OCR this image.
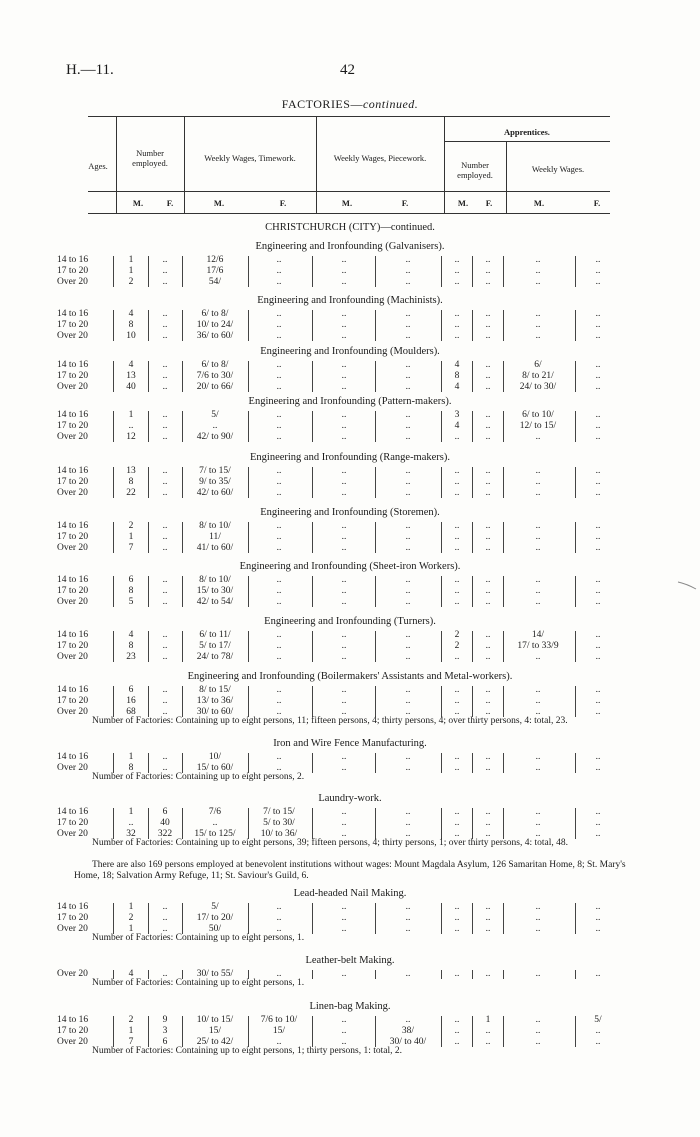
H.—11.	42
FACTORIES—continued.
Ages.
Number employed.	Weekly Wages, Timework.	Weekly Wages, Piecework.
Apprentices.
Number employed.
Weekly Wages.
M.	F.	M.	F.	M.	F.	M.	F.	M.	F.
CHRISTCHURCH (CITY)—continued.
Engineering and Ironfounding (Galvanisers).
14 to 16	1	..	12/6	..	..	..	..	..	..	..
17 to 20	1	..	17/6	..	..	..	..	..	..	..
Over 20	2	..	54/	..	..	..	..	..	..	..
Engineering and Ironfounding (Machinists).
14 to 16	4	..	6/ to 8/	..	..	..	..	..	..	..
17 to 20	8	..	10/ to 24/	..	..	..	..	..	..	..
Over 20	10	..	36/ to 60/	..	..	..	..	..	..	..
Engineering and Ironfounding (Moulders).
14 to 16	4	..	6/ to 8/	..	..	..	4	..	6/	..
17 to 20	13	..	7/6 to 30/	..	..	..	8	..	8/ to 21/	..
Over 20	40	..	20/ to 66/	..	..	..	4	..	24/ to 30/	..
Engineering and Ironfounding (Pattern-makers).
14 to 16	1	..	5/	..	..	..	3	..	6/ to 10/	..
17 to 20	..	..	..	..	..	..	4	..	12/ to 15/	..
Over 20	12	..	42/ to 90/	..	..	..	..	..	..	..
Engineering and Ironfounding (Range-makers).
14 to 16	13	..	7/ to 15/	..	..	..	..	..	..	..
17 to 20	8	..	9/ to 35/	..	..	..	..	..	..	..
Over 20	22	..	42/ to 60/	..	..	..	..	..	..	..
Engineering and Ironfounding (Storemen).
14 to 16	2	..	8/ to 10/	..	..	..	..	..	..	..
17 to 20	1	..	11/	..	..	..	..	..	..	..
Over 20	7	..	41/ to 60/	..	..	..	..	..	..	..
Engineering and Ironfounding (Sheet-iron Workers).
14 to 16	6	..	8/ to 10/	..	..	..	..	..	..	..
17 to 20	8	..	15/ to 30/	..	..	..	..	..	..	..
Over 20	5	..	42/ to 54/	..	..	..	..	..	..	..
Engineering and Ironfounding (Turners).
14 to 16	4	..	6/ to 11/	..	..	..	2	..	14/	..
17 to 20	8	..	5/ to 17/	..	..	..	2	..	17/ to 33/9	..
Over 20	23	..	24/ to 78/	..	..	..	..	..	..	..
Engineering and Ironfounding (Boilermakers' Assistants and Metal-workers).
14 to 16	6	..	8/ to 15/	..	..	..	..	..	..	..
17 to 20	16	..	13/ to 36/	..	..	..	..	..	..	..
Over 20	68	..	30/ to 60/	..	..	..	..	..	..	..
Number of Factories: Containing up to eight persons, 11; fifteen persons, 4; thirty persons, 4; over thirty persons, 4: total, 23.
Iron and Wire Fence Manufacturing.
14 to 16	1	..	10/	..	..	..	..	..	..	..
Over 20	8	..	15/ to 60/	..	..	..	..	..	..	..
Number of Factories: Containing up to eight persons, 2.
Laundry-work.
14 to 16	1	6	7/6	7/ to 15/	..	..	..	..	..	..
17 to 20	..	40	..	5/ to 30/	..	..	..	..	..	..
Over 20	32	322	15/ to 125/	10/ to 36/	..	..	..	..	..	..
Number of Factories: Containing up to eight persons, 39; fifteen persons, 4; thirty persons, 1; over thirty persons, 4: total, 48.
There are also 169 persons employed at benevolent institutions without wages: Mount Magdala Asylum, 126 Samaritan Home, 8; St. Mary's Home, 18; Salvation Army Refuge, 11; St. Saviour's Guild, 6.
Lead-headed Nail Making.
14 to 16	1	..	5/	..	..	..	..	..	..	..
17 to 20	2	..	17/ to 20/	..	..	..	..	..	..	..
Over 20	1	..	50/	..	..	..	..	..	..	..
Number of Factories: Containing up to eight persons, 1.
Leather-belt Making.
Over 20	4	..	30/ to 55/	..	..	..	..	..	..	..
Number of Factories: Containing up to eight persons, 1.
Linen-bag Making.
14 to 16	2	9	10/ to 15/	7/6 to 10/	..	..	..	1	..	5/
17 to 20	1	3	15/	15/	..	38/	..	..	..	..
Over 20	7	6	25/ to 42/	..	..	30/ to 40/	..	..	..	..
Number of Factories: Containing up to eight persons, 1; thirty persons, 1: total, 2.
